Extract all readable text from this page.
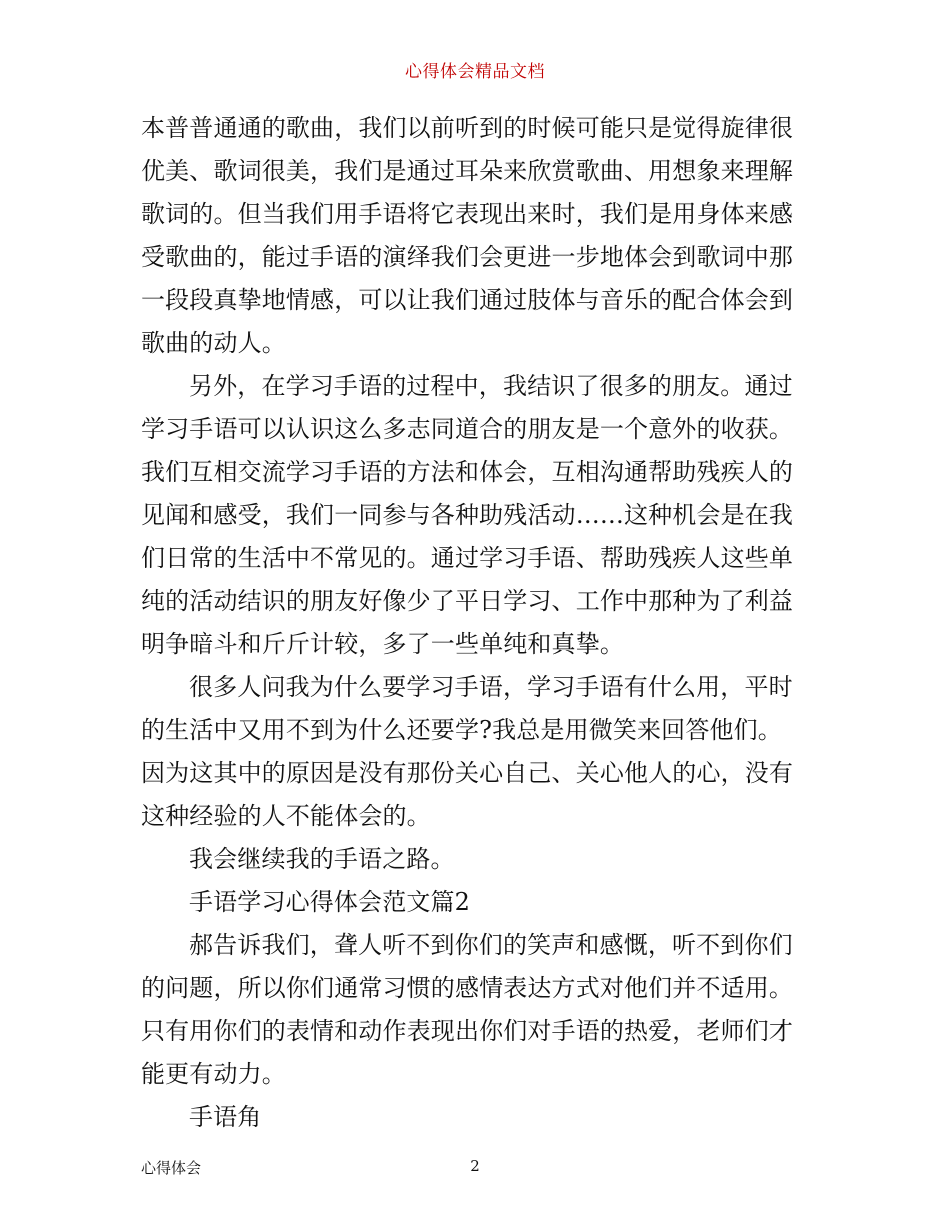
心得体会精品文档
本普普通通的歌曲，我们以前听到的时候可能只是觉得旋律很
优美、歌词很美，我们是通过耳朵来欣赏歌曲、用想象来理解
歌词的。但当我们用手语将它表现出来时，我们是用身体来感
受歌曲的，能过手语的演绎我们会更进一步地体会到歌词中那
一段段真挚地情感，可以让我们通过肢体与音乐的配合体会到
歌曲的动人。
另外，在学习手语的过程中，我结识了很多的朋友。通过
学习手语可以认识这么多志同道合的朋友是一个意外的收获。
我们互相交流学习手语的方法和体会，互相沟通帮助残疾人的
见闻和感受，我们一同参与各种助残活动……这种机会是在我
们日常的生活中不常见的。通过学习手语、帮助残疾人这些单
纯的活动结识的朋友好像少了平日学习、工作中那种为了利益
明争暗斗和斤斤计较，多了一些单纯和真挚。
很多人问我为什么要学习手语，学习手语有什么用，平时
的生活中又用不到为什么还要学?我总是用微笑来回答他们。
因为这其中的原因是没有那份关心自己、关心他人的心，没有
这种经验的人不能体会的。
我会继续我的手语之路。
手语学习心得体会范文篇2
郝告诉我们，聋人听不到你们的笑声和感慨，听不到你们
的问题，所以你们通常习惯的感情表达方式对他们并不适用。
只有用你们的表情和动作表现出你们对手语的热爱，老师们才
能更有动力。
手语角
心得体会	2
